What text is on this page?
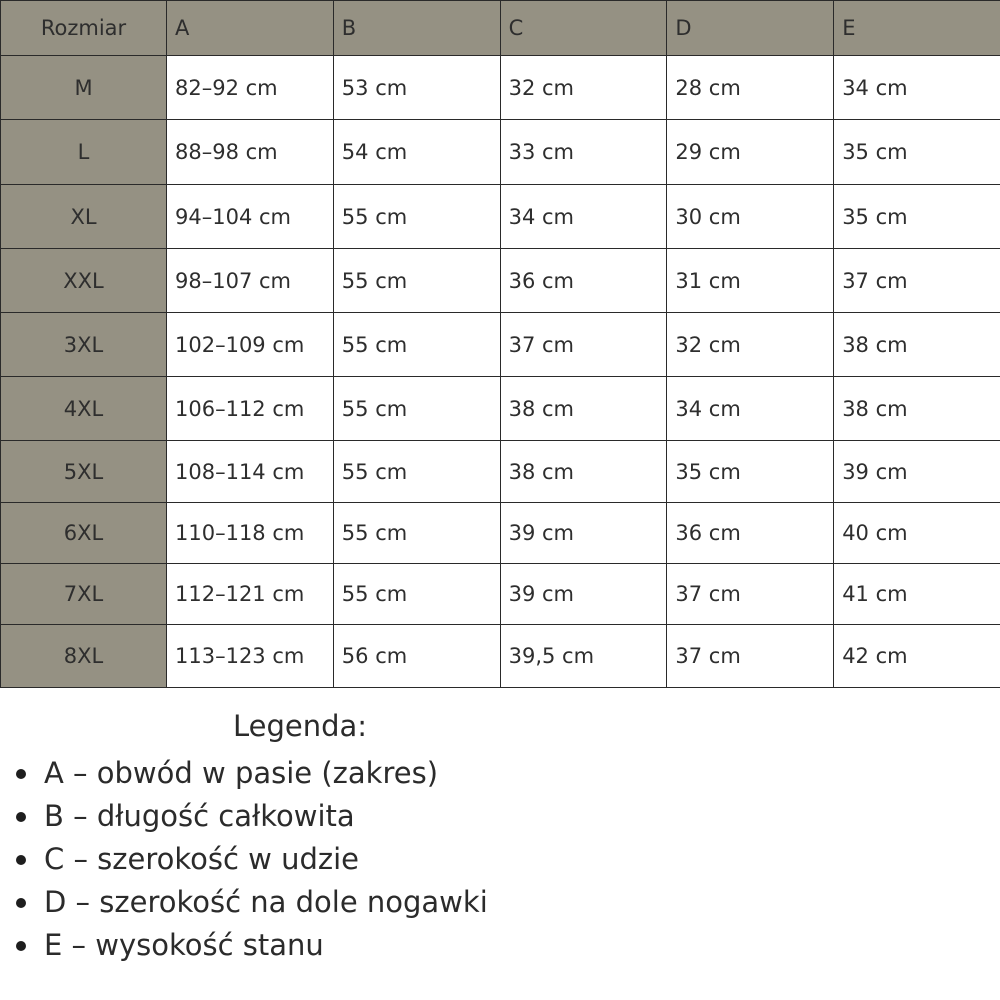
Rozmiar	A	B	C	D	E
M	82–92 cm	53 cm	32 cm	28 cm	34 cm
L	88–98 cm	54 cm	33 cm	29 cm	35 cm
XL	94–104 cm	55 cm	34 cm	30 cm	35 cm
XXL	98–107 cm	55 cm	36 cm	31 cm	37 cm
3XL	102–109 cm	55 cm	37 cm	32 cm	38 cm
4XL	106–112 cm	55 cm	38 cm	34 cm	38 cm
5XL	108–114 cm	55 cm	38 cm	35 cm	39 cm
6XL	110–118 cm	55 cm	39 cm	36 cm	40 cm
7XL	112–121 cm	55 cm	39 cm	37 cm	41 cm
8XL	113–123 cm	56 cm	39,5 cm	37 cm	42 cm
Legenda:
A – obwód w pasie (zakres)
B – długość całkowita
C – szerokość w udzie
D – szerokość na dole nogawki
E – wysokość stanu
